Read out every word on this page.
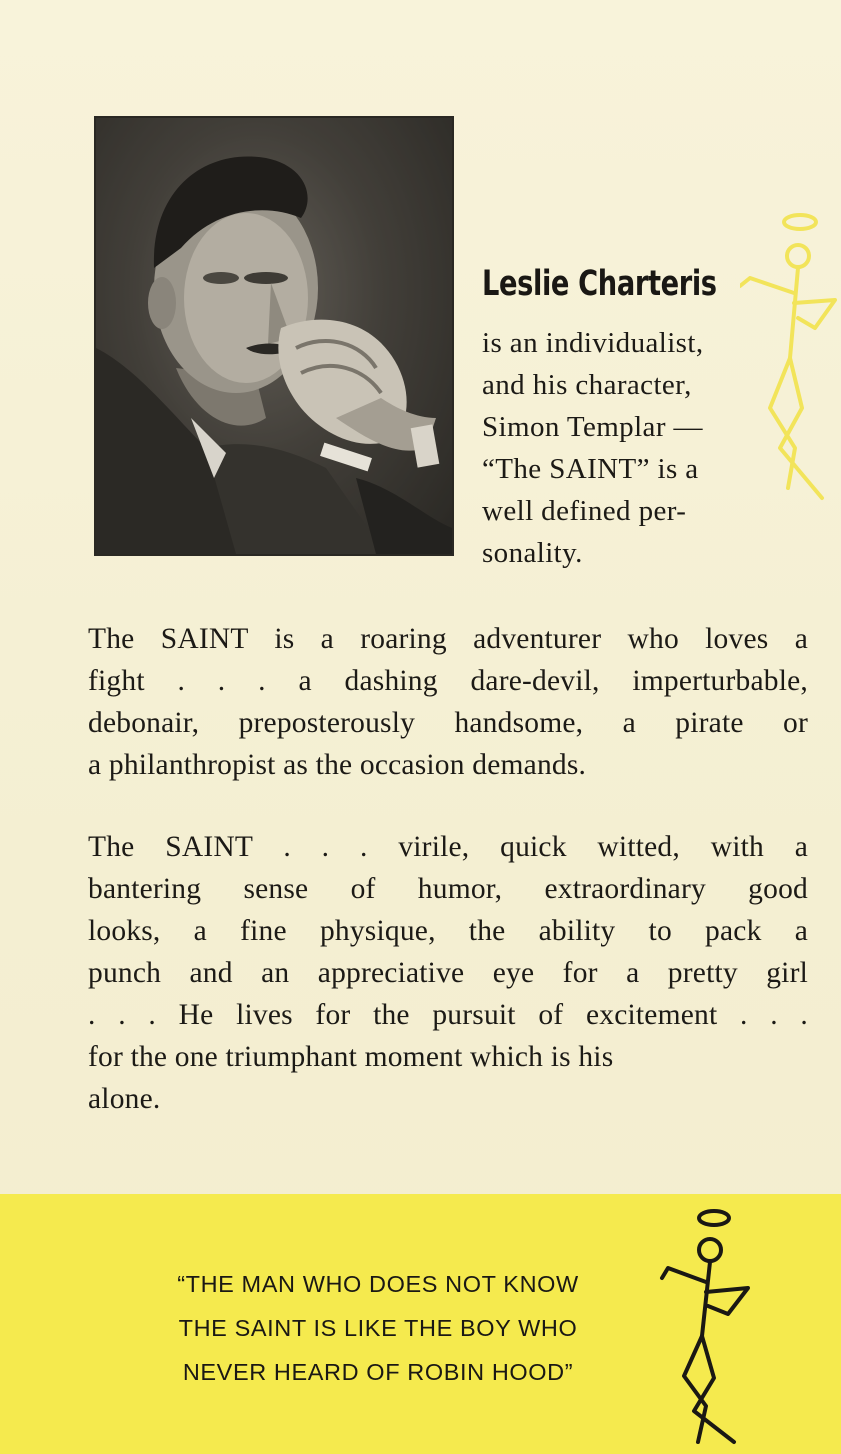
Leslie Charteris
is an individualist,
and his character,
Simon Templar —
“The SAINT” is a
well defined per-
sonality.
The SAINT is a roaring adventurer who loves a
fight . . . a dashing dare-devil, imperturbable,
debonair, preposterously handsome, a pirate or
a philanthropist as the occasion demands.
The SAINT . . . virile, quick witted, with a
bantering sense of humor, extraordinary good
looks, a fine physique, the ability to pack a
punch and an appreciative eye for a pretty girl
. . . He lives for the pursuit of excitement . . .
for the one triumphant moment which is his
alone.
“THE MAN WHO DOES NOT KNOW
THE SAINT IS LIKE THE BOY WHO
NEVER HEARD OF ROBIN HOOD”
